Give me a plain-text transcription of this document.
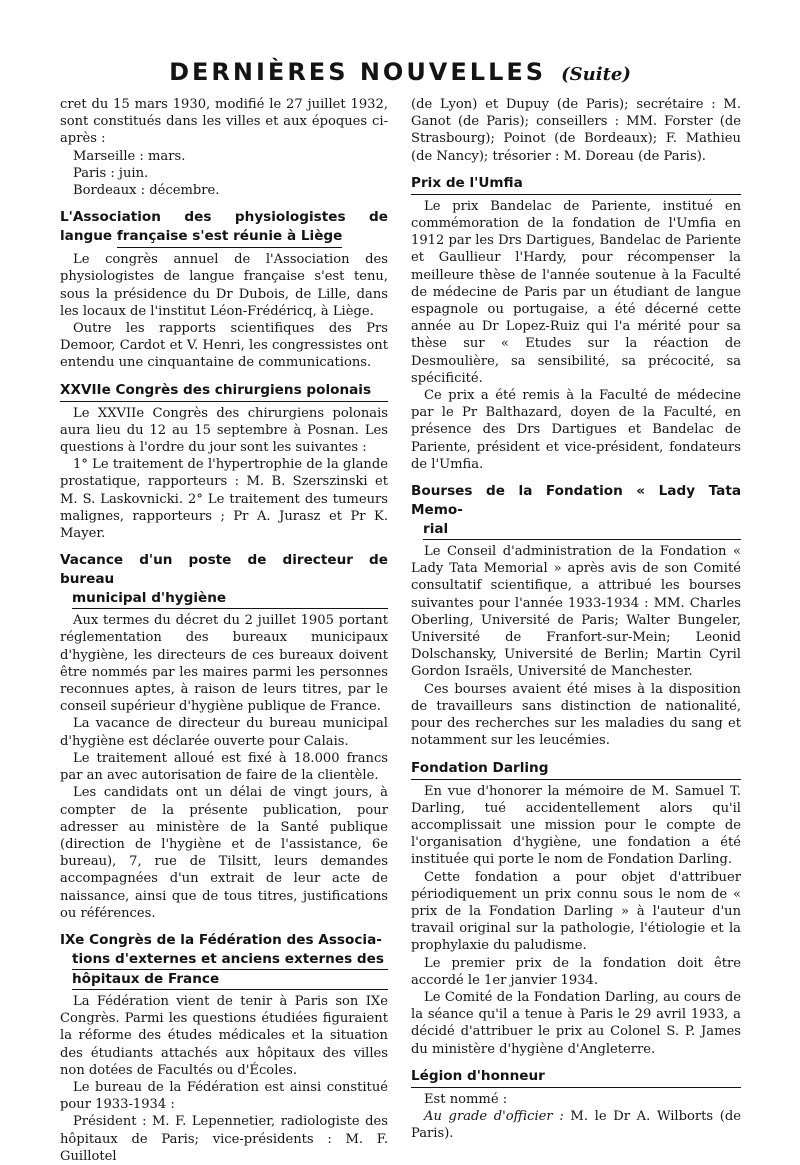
DERNIÈRES NOUVELLES (Suite)

cret du 15 mars 1930, modifié le 27 juillet 1932, sont constitués dans les villes et aux époques ci-après :

Marseille : mars.

Paris : juin.

Bordeaux : décembre.

L'Association des physiologistes de langue française s'est réunie à Liège

Le congrès annuel de l'Association des physiologistes de langue française s'est tenu, sous la présidence du Dr Dubois, de Lille, dans les locaux de l'institut Léon-Frédéricq, à Liège.

Outre les rapports scientifiques des Prs Demoor, Cardot et V. Henri, les congressistes ont entendu une cinquantaine de communications.

XXVIIe Congrès des chirurgiens polonais

Le XXVIIe Congrès des chirurgiens polonais aura lieu du 12 au 15 septembre à Posnan. Les questions à l'ordre du jour sont les suivantes :

1° Le traitement de l'hypertrophie de la glande prostatique, rapporteurs : M. B. Szerszinski et M. S. Laskovnicki. 2° Le traitement des tumeurs malignes, rapporteurs ; Pr A. Jurasz et Pr K. Mayer.

Vacance d'un poste de directeur de bureau
municipal d'hygiène

Aux termes du décret du 2 juillet 1905 portant réglementation des bureaux municipaux d'hygiène, les directeurs de ces bureaux doivent être nommés par les maires parmi les personnes reconnues aptes, à raison de leurs titres, par le conseil supérieur d'hygiène publique de France.

La vacance de directeur du bureau municipal d'hygiène est déclarée ouverte pour Calais.

Le traitement alloué est fixé à 18.000 francs par an avec autorisation de faire de la clientèle.

Les candidats ont un délai de vingt jours, à compter de la présente publication, pour adresser au ministère de la Santé publique (direction de l'hygiène et de l'assistance, 6e bureau), 7, rue de Tilsitt, leurs demandes accompagnées d'un extrait de leur acte de naissance, ainsi que de tous titres, justifications ou références.

IXe Congrès de la Fédération des Associa-
tions d'externes et anciens externes des
hôpitaux de France

La Fédération vient de tenir à Paris son IXe Congrès. Parmi les questions étudiées figuraient la réforme des études médicales et la situation des étudiants attachés aux hôpitaux des villes non dotées de Facultés ou d'Écoles.

Le bureau de la Fédération est ainsi constitué pour 1933-1934 :

Président : M. F. Lepennetier, radiologiste des hôpitaux de Paris; vice-présidents : M. F. Guillotel

(de Lyon) et Dupuy (de Paris); secrétaire : M. Ganot (de Paris); conseillers : MM. Forster (de Strasbourg); Poinot (de Bordeaux); F. Mathieu (de Nancy); trésorier : M. Doreau (de Paris).

Prix de l'Umfia

Le prix Bandelac de Pariente, institué en commémoration de la fondation de l'Umfia en 1912 par les Drs Dartigues, Bandelac de Pariente et Gaullieur l'Hardy, pour récompenser la meilleure thèse de l'année soutenue à la Faculté de médecine de Paris par un étudiant de langue espagnole ou portugaise, a été décerné cette année au Dr Lopez-Ruiz qui l'a mérité pour sa thèse sur « Etudes sur la réaction de Desmoulière, sa sensibilité, sa précocité, sa spécificité.

Ce prix a été remis à la Faculté de médecine par le Pr Balthazard, doyen de la Faculté, en présence des Drs Dartigues et Bandelac de Pariente, président et vice-président, fondateurs de l'Umfia.

Bourses de la Fondation « Lady Tata Memo-
rial

Le Conseil d'administration de la Fondation « Lady Tata Memorial » après avis de son Comité consultatif scientifique, a attribué les bourses suivantes pour l'année 1933-1934 : MM. Charles Oberling, Université de Paris; Walter Bungeler, Université de Franfort-sur-Mein; Leonid Dolschansky, Université de Berlin; Martin Cyril Gordon Israëls, Université de Manchester.

Ces bourses avaient été mises à la disposition de travailleurs sans distinction de nationalité, pour des recherches sur les maladies du sang et notamment sur les leucémies.

Fondation Darling

En vue d'honorer la mémoire de M. Samuel T. Darling, tué accidentellement alors qu'il accomplissait une mission pour le compte de l'organisation d'hygiène, une fondation a été instituée qui porte le nom de Fondation Darling.

Cette fondation a pour objet d'attribuer périodiquement un prix connu sous le nom de « prix de la Fondation Darling » à l'auteur d'un travail original sur la pathologie, l'étiologie et la prophylaxie du paludisme.

Le premier prix de la fondation doit être accordé le 1er janvier 1934.

Le Comité de la Fondation Darling, au cours de la séance qu'il a tenue à Paris le 29 avril 1933, a décidé d'attribuer le prix au Colonel S. P. James du ministère d'hygiène d'Angleterre.

Légion d'honneur

Est nommé :

Au grade d'officier : M. le Dr A. Wilborts (de Paris).
